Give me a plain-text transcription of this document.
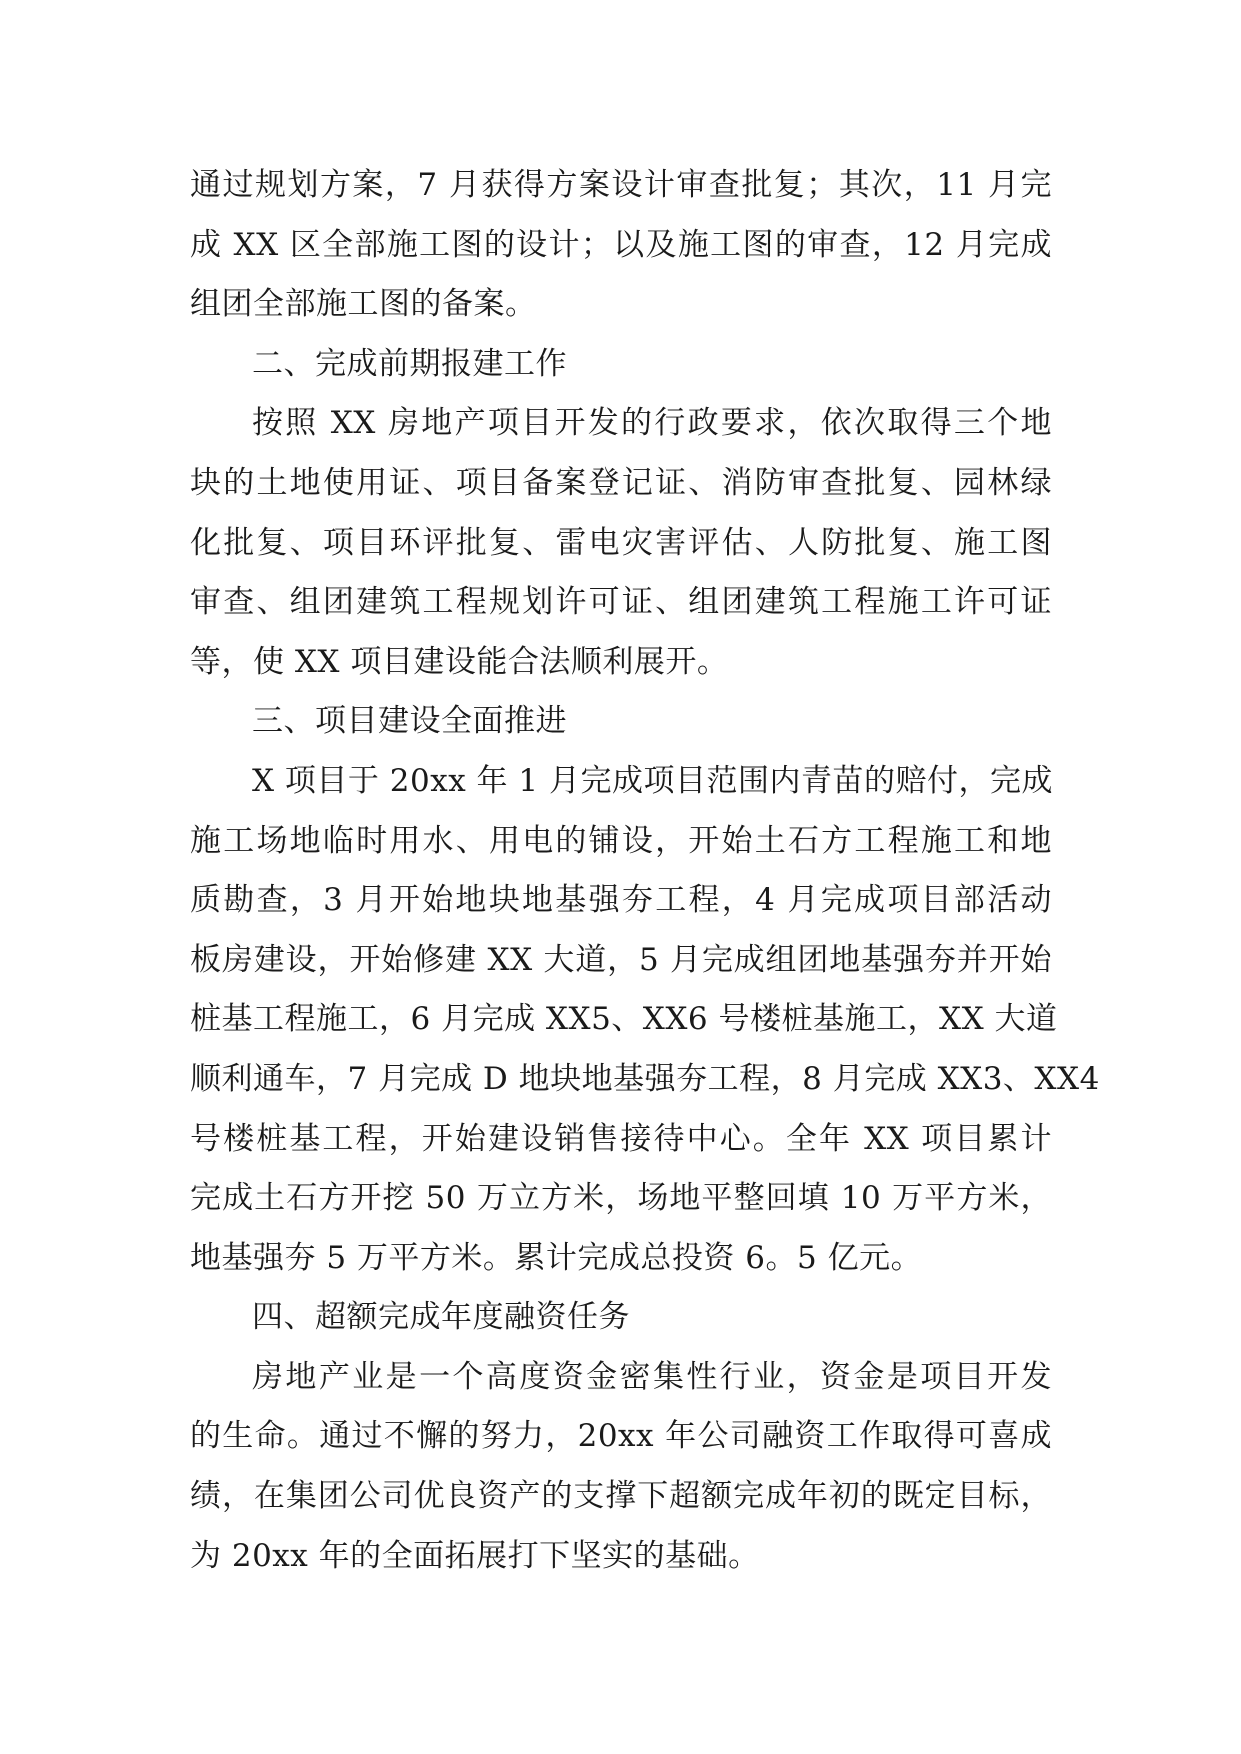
通过规划方案，7 月获得方案设计审查批复；其次，11 月完
成 XX 区全部施工图的设计；以及施工图的审查，12 月完成
组团全部施工图的备案。
二、完成前期报建工作
按照 XX 房地产项目开发的行政要求，依次取得三个地
块的土地使用证、项目备案登记证、消防审查批复、园林绿
化批复、项目环评批复、雷电灾害评估、人防批复、施工图
审查、组团建筑工程规划许可证、组团建筑工程施工许可证
等，使 XX 项目建设能合法顺利展开。
三、项目建设全面推进
X 项目于 20xx 年 1 月完成项目范围内青苗的赔付，完成
施工场地临时用水、用电的铺设，开始土石方工程施工和地
质勘查，3 月开始地块地基强夯工程，4 月完成项目部活动
板房建设，开始修建 XX 大道，5 月完成组团地基强夯并开始
桩基工程施工，6 月完成 XX5、XX6 号楼桩基施工，XX 大道
顺利通车，7 月完成 D 地块地基强夯工程，8 月完成 XX3、XX4
号楼桩基工程，开始建设销售接待中心。全年 XX 项目累计
完成土石方开挖 50 万立方米，场地平整回填 10 万平方米，
地基强夯 5 万平方米。累计完成总投资 6。5 亿元。
四、超额完成年度融资任务
房地产业是一个高度资金密集性行业，资金是项目开发
的生命。通过不懈的努力，20xx 年公司融资工作取得可喜成
绩，在集团公司优良资产的支撑下超额完成年初的既定目标，
为 20xx 年的全面拓展打下坚实的基础。
